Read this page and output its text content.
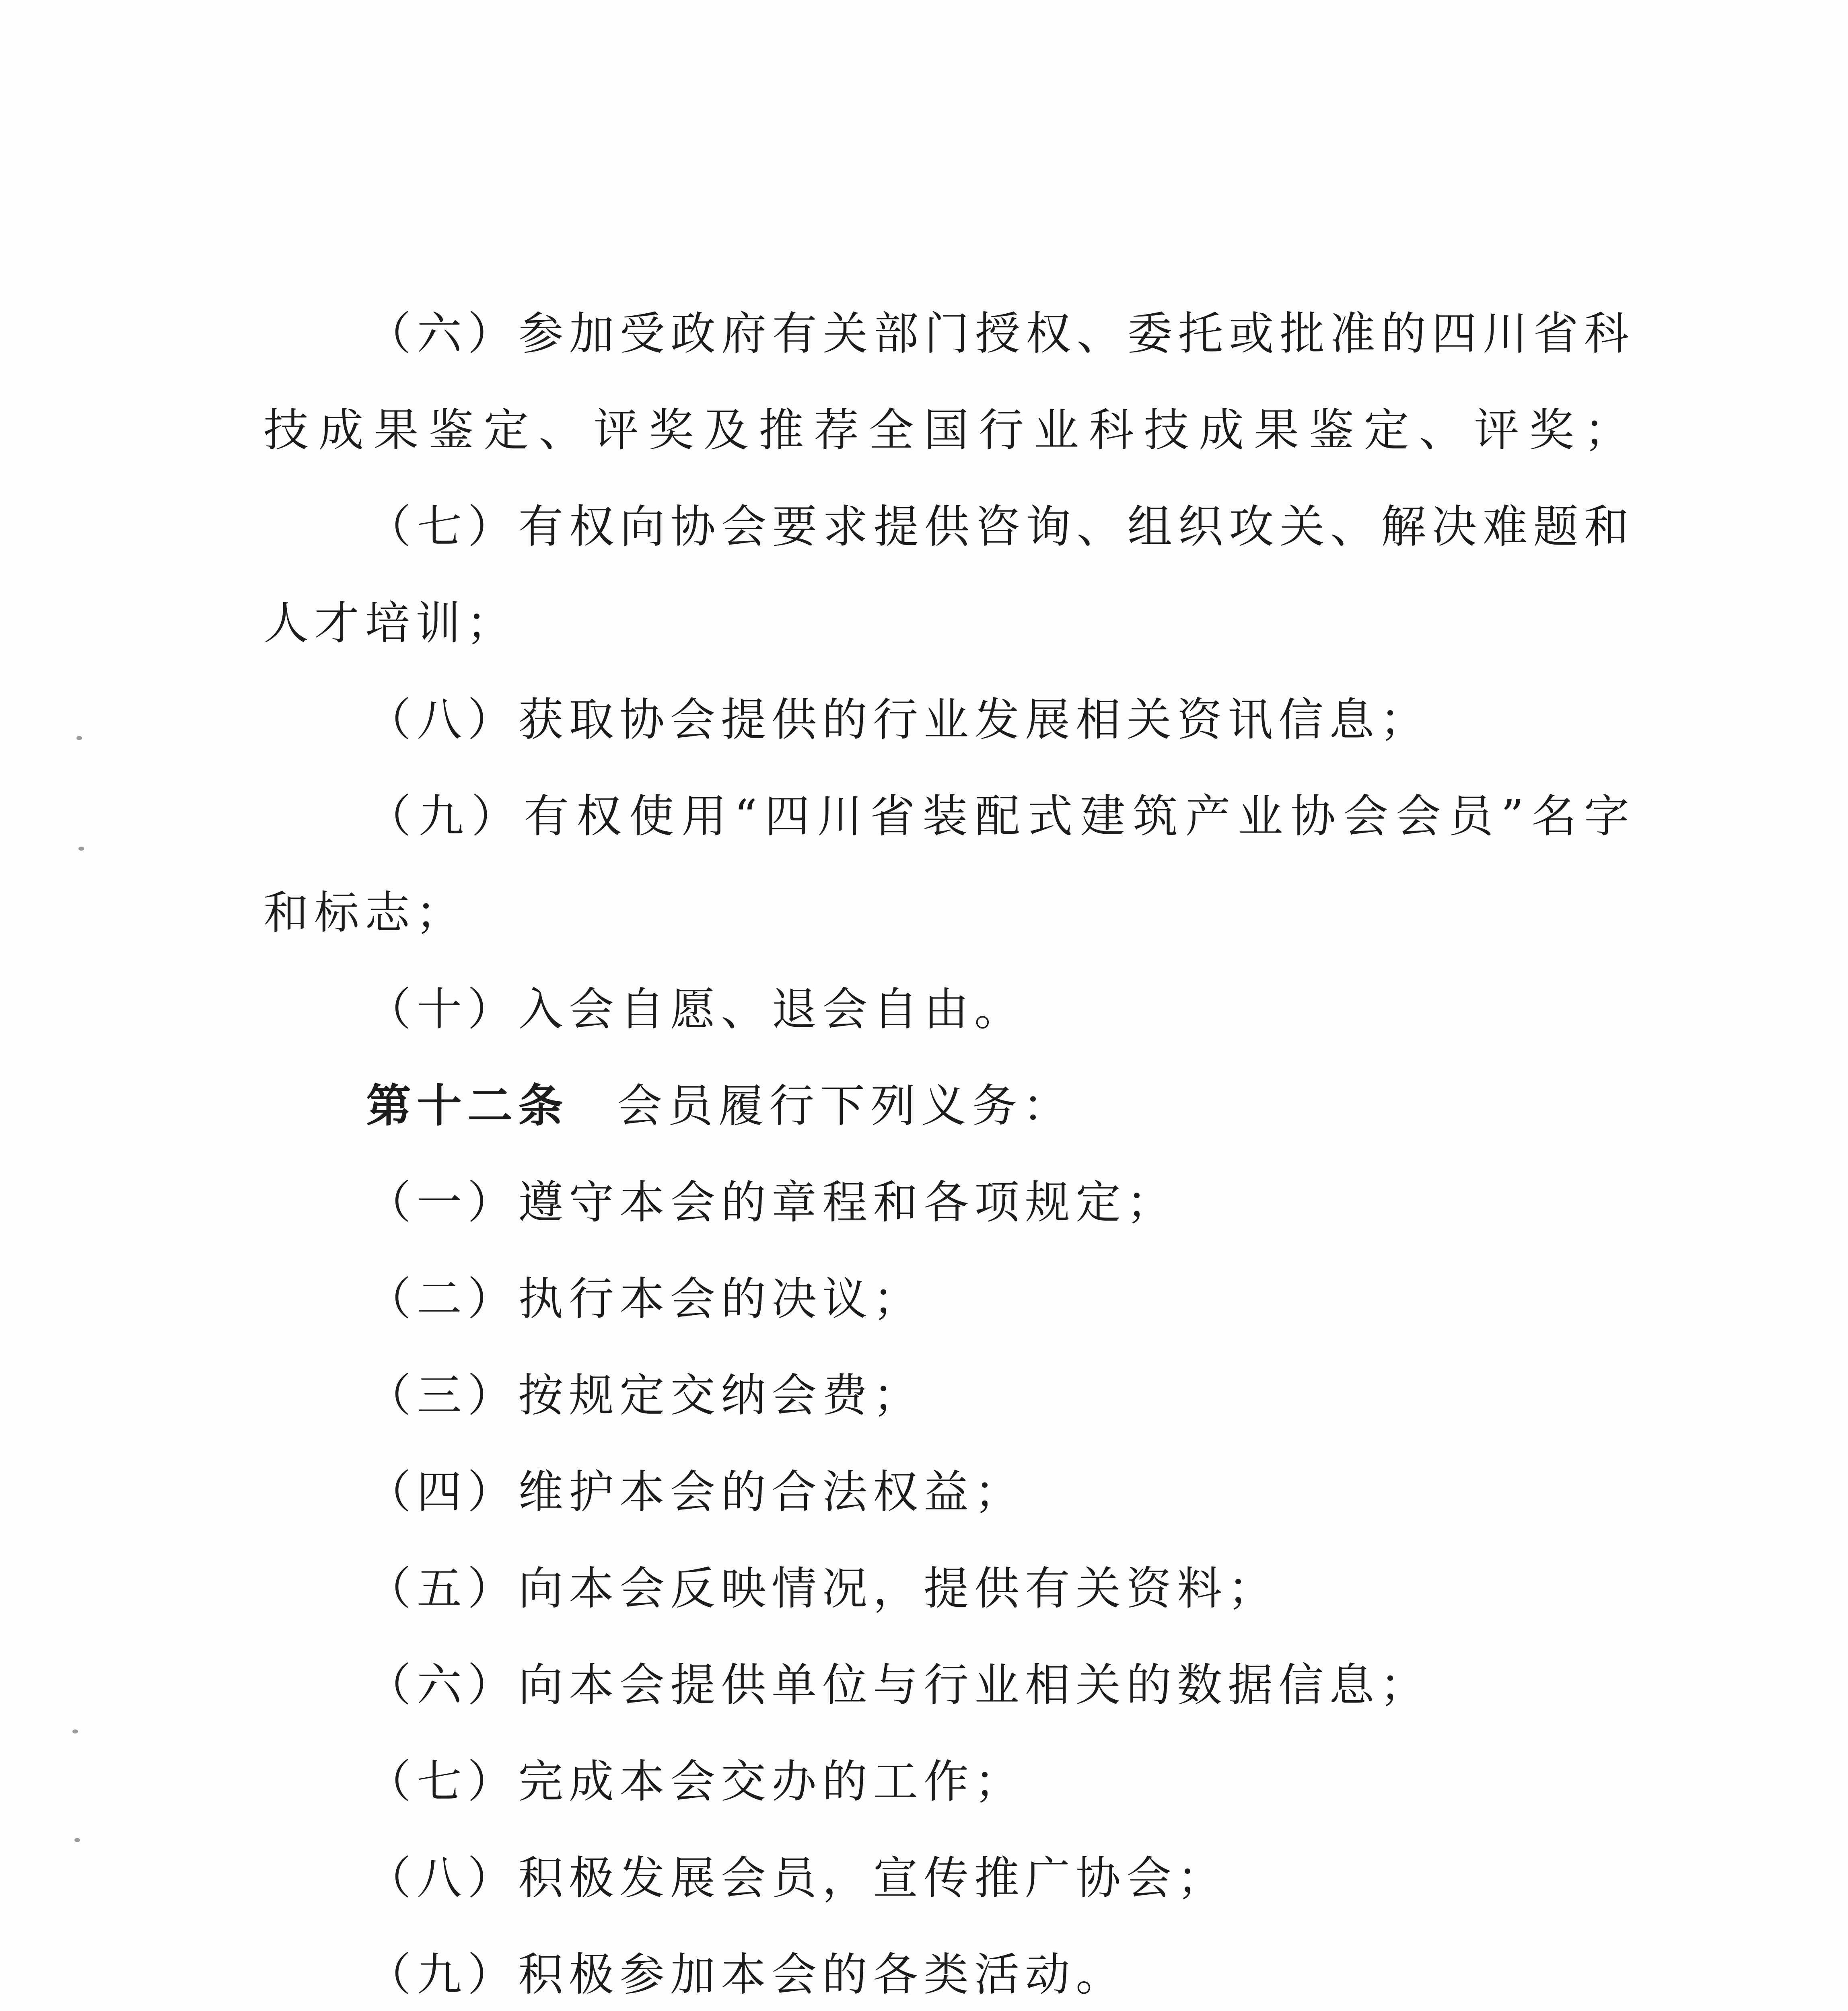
（ 六 ） 参 加 受 政 府 有 关 部 门 授 权 、 委 托 或 批 准 的 四 川 省 科
技 成 果 鉴 定 、 评 奖 及 推 荐 全 国 行 业 科 技 成 果 鉴 定 、 评 奖 ；
（ 七 ） 有 权 向 协 会 要 求 提 供 咨 询 、 组 织 攻 关 、 解 决 难 题 和
人才培训；
（八）获取协会提供的行业发展相关资讯信息；
（ 九 ） 有 权 使 用 “ 四 川 省 装 配 式 建 筑 产 业 协 会 会 员 ” 名 字
和标志；
（十）入会自愿、退会自由。
第十二条 会员履行下列义务：
（一）遵守本会的章程和各项规定；
（二）执行本会的决议；
（三）按规定交纳会费；
（四）维护本会的合法权益；
（五）向本会反映情况，提供有关资料；
（六）向本会提供单位与行业相关的数据信息；
（七）完成本会交办的工作；
（八）积极发展会员，宣传推广协会；
（九）积极参加本会的各类活动。
